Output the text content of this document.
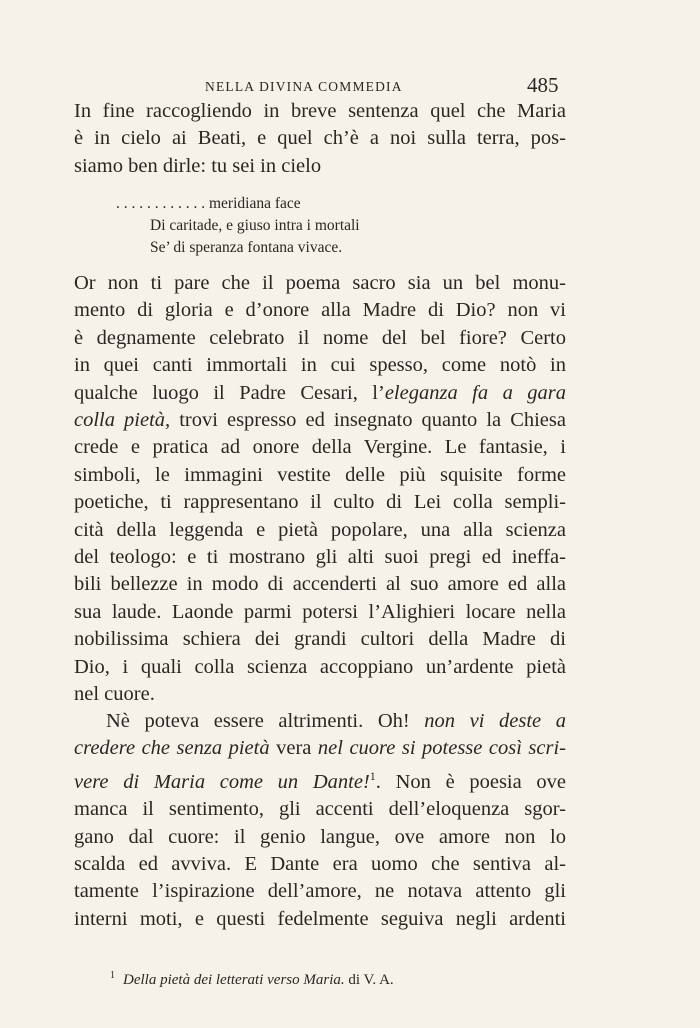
NELLA DIVINA COMMEDIA	485
In fine raccogliendo in breve sentenza quel che Maria
è in cielo ai Beati, e quel ch’è a noi sulla terra, pos-
siamo ben dirle: tu sei in cielo
. . . . . . . . . . . . meridiana face
Di caritade, e giuso intra i mortali
Se’ di speranza fontana vivace.
Or non ti pare che il poema sacro sia un bel monu-
mento di gloria e d’onore alla Madre di Dio? non vi
è degnamente celebrato il nome del bel fiore? Certo
in quei canti immortali in cui spesso, come notò in
qualche luogo il Padre Cesari, l’eleganza fa a gara
colla pietà, trovi espresso ed insegnato quanto la Chiesa
crede e pratica ad onore della Vergine. Le fantasie, i
simboli, le immagini vestite delle più squisite forme
poetiche, ti rappresentano il culto di Lei colla sempli-
cità della leggenda e pietà popolare, una alla scienza
del teologo: e ti mostrano gli alti suoi pregi ed ineffa-
bili bellezze in modo di accenderti al suo amore ed alla
sua laude. Laonde parmi potersi l’Alighieri locare nella
nobilissima schiera dei grandi cultori della Madre di
Dio, i quali colla scienza accoppiano un’ardente pietà
nel cuore.
Nè poteva essere altrimenti. Oh! non vi deste a
credere che senza pietà vera nel cuore si potesse così scri-
vere di Maria come un Dante!$^1$. Non è poesia ove
manca il sentimento, gli accenti dell’eloquenza sgor-
gano dal cuore: il genio langue, ove amore non lo
scalda ed avviva. E Dante era uomo che sentiva al-
tamente l’ispirazione dell’amore, ne notava attento gli
interni moti, e questi fedelmente seguiva negli ardenti
$^1$ Della pietà dei letterati verso Maria. di V. A.
